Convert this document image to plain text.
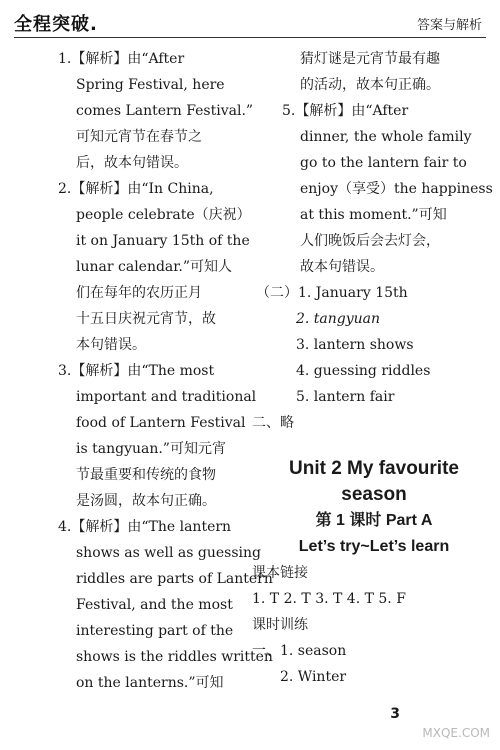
全程突破.	答案与解析
1.【解析】由“After
Spring Festival, here
comes Lantern Festival.”
可知元宵节在春节之
后，故本句错误。
2.【解析】由“In China,
people celebrate（庆祝）
it on January 15th of the
lunar calendar.”可知人
们在每年的农历正月
十五日庆祝元宵节，故
本句错误。
3.【解析】由“The most
important and traditional
food of Lantern Festival
is tangyuan.”可知元宵
节最重要和传统的食物
是汤圆，故本句正确。
4.【解析】由“The lantern
shows as well as guessing
riddles are parts of Lantern
Festival, and the most
interesting part of the
shows is the riddles written
on the lanterns.”可知
猜灯谜是元宵节最有趣
的活动，故本句正确。
5.【解析】由“After
dinner, the whole family
go to the lantern fair to
enjoy（享受）the happiness
at this moment.”可知
人们晚饭后会去灯会，
故本句错误。
（二）1. January 15th
2. tangyuan
3. lantern shows
4. guessing riddles
5. lantern fair
二、略
Unit 2 My favourite
season
第 1 课时 Part A
Let’s try~Let’s learn
课本链接
1. T 2. T 3. T 4. T 5. F
课时训练
一、1. season
2. Winter
3
MXQE.COM
